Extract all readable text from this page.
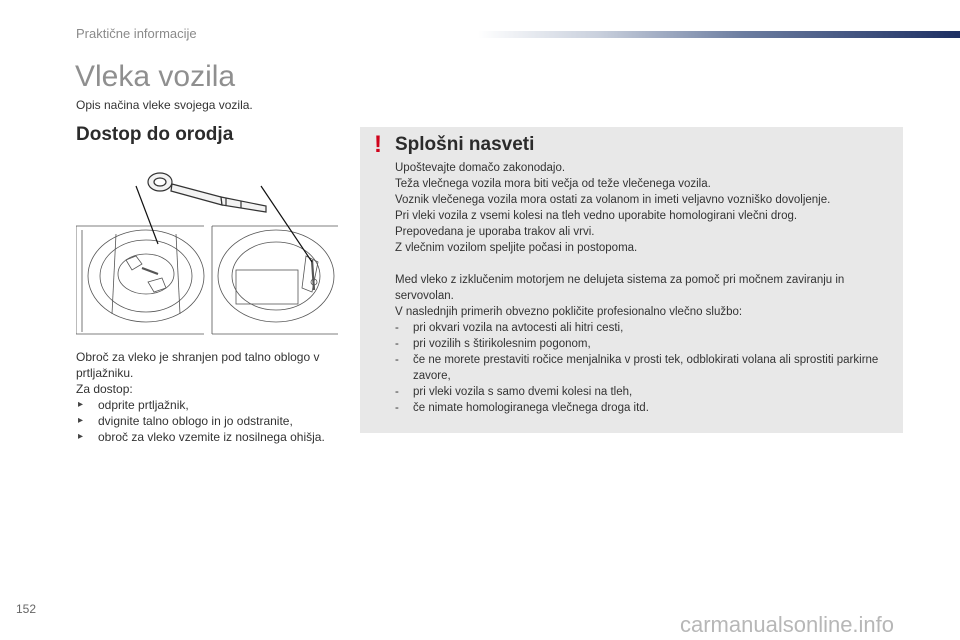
Praktične informacije
Vleka vozila
Opis načina vleke svojega vozila.
Dostop do orodja

Obroč za vleko je shranjen pod talno oblogo v prtljažniku.

Za dostop:

▸ odprite prtljažnik,
▸ dvignite talno oblogo in jo odstranite,
▸ obroč za vleko vzemite iz nosilnega ohišja.
! Splošni nasveti

Upoštevajte domačo zakonodajo.

Teža vlečnega vozila mora biti večja od teže vlečenega vozila.

Voznik vlečenega vozila mora ostati za volanom in imeti veljavno vozniško dovoljenje.

Pri vleki vozila z vsemi kolesi na tleh vedno uporabite homologirani vlečni drog.

Prepovedana je uporaba trakov ali vrvi.

Z vlečnim vozilom speljite počasi in postopoma.

Med vleko z izklučenim motorjem ne delujeta sistema za pomoč pri močnem zaviranju in servovolan.

V naslednjih primerih obvezno pokličite profesionalno vlečno službo:

- pri okvari vozila na avtocesti ali hitri cesti,
- pri vozilih s štirikolesnim pogonom,
- če ne morete prestaviti ročice menjalnika v prosti tek, odblokirati volana ali sprostiti parkirne zavore,
- pri vleki vozila s samo dvemi kolesi na tleh,
- če nimate homologiranega vlečnega droga itd.
152
carmanualsonline.info
